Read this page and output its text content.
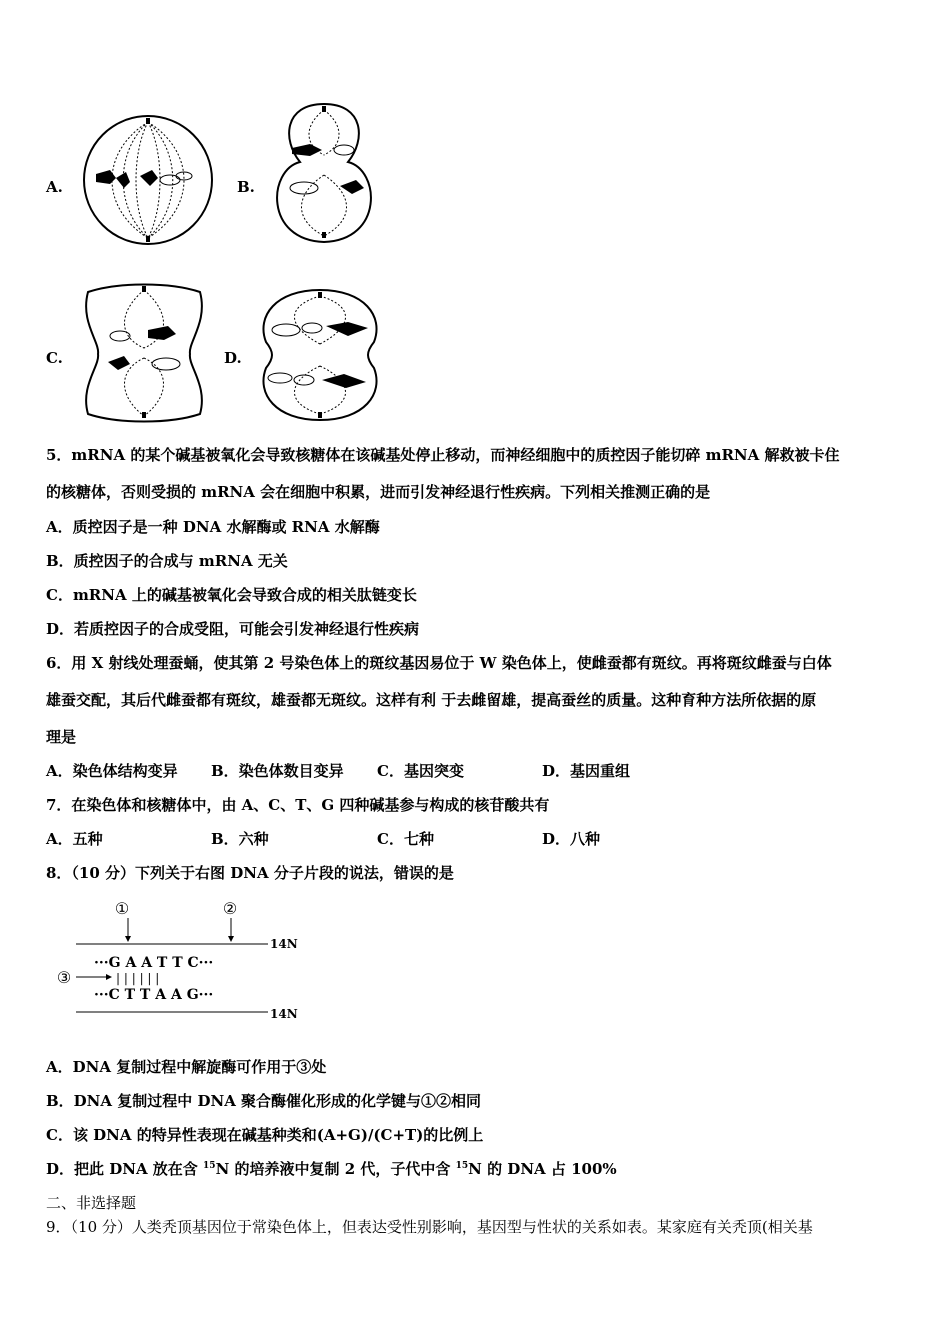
A.	B.
C.	D.
5．mRNA 的某个碱基被氧化会导致核糖体在该碱基处停止移动，而神经细胞中的质控因子能切碎 mRNA 解救被卡住
的核糖体，否则受损的 mRNA 会在细胞中积累，进而引发神经退行性疾病。下列相关推测正确的是
A．质控因子是一种 DNA 水解酶或 RNA 水解酶
B．质控因子的合成与 mRNA 无关
C．mRNA 上的碱基被氧化会导致合成的相关肽链变长
D．若质控因子的合成受阻，可能会引发神经退行性疾病
6．用 X 射线处理蚕蛹，使其第 2 号染色体上的斑纹基因易位于 W 染色体上，使雌蚕都有斑纹。再将斑纹雌蚕与白体
雄蚕交配，其后代雌蚕都有斑纹，雄蚕都无斑纹。这样有利 于去雌留雄，提高蚕丝的质量。这种育种方法所依据的原
理是
A．染色体结构变异 B．染色体数目变异 C．基因突变	D．基因重组
7．在染色体和核糖体中，由 A、C、T、G 四种碱基参与构成的核苷酸共有
A．五种	B．六种	C．七种	D．八种
8．（10 分）下列关于右图 DNA 分子片段的说法，错误的是
①	②
14N
③
···G A A T T C···
| | | | | |
···C T T A A G···
14N
A．DNA 复制过程中解旋酶可作用于③处
B．DNA 复制过程中 DNA 聚合酶催化形成的化学键与①②相同
C．该 DNA 的特异性表现在碱基种类和(A+G)/(C+T)的比例上
D．把此 DNA 放在含 $^{15}$N 的培养液中复制 2 代，子代中含 $^{15}$N 的 DNA 占 100%
二、非选择题
9．（10 分）人类秃顶基因位于常染色体上，但表达受性别影响，基因型与性状的关系如表。某家庭有关秃顶(相关基
